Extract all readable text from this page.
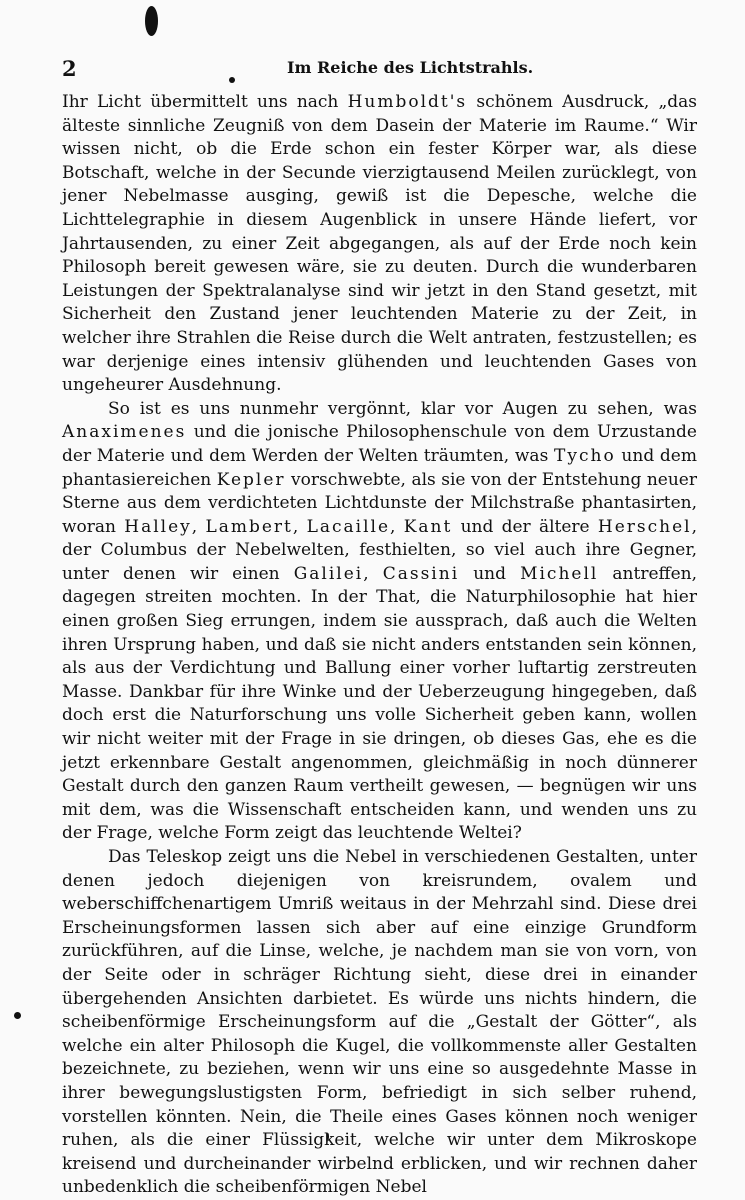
2	Im Reiche des Lichtstrahls.

Ihr Licht übermittelt uns nach Humboldt's schönem Ausdruck, „das älteste sinnliche Zeugniß von dem Dasein der Materie im Raume.“ Wir wissen nicht, ob die Erde schon ein fester Körper war, als diese Botschaft, welche in der Secunde vierzigtausend Meilen zurücklegt, von jener Nebelmasse ausging, gewiß ist die Depesche, welche die Lichttelegraphie in diesem Augenblick in unsere Hände liefert, vor Jahrtausenden, zu einer Zeit abgegangen, als auf der Erde noch kein Philosoph bereit gewesen wäre, sie zu deuten. Durch die wunderbaren Leistungen der Spektralanalyse sind wir jetzt in den Stand gesetzt, mit Sicherheit den Zustand jener leuchtenden Materie zu der Zeit, in welcher ihre Strahlen die Reise durch die Welt antraten, festzustellen; es war derjenige eines intensiv glühenden und leuchtenden Gases von ungeheurer Ausdehnung.

So ist es uns nunmehr vergönnt, klar vor Augen zu sehen, was Anaximenes und die jonische Philosophenschule von dem Urzustande der Materie und dem Werden der Welten träumten, was Tycho und dem phantasiereichen Kepler vorschwebte, als sie von der Entstehung neuer Sterne aus dem verdichteten Lichtdunste der Milchstraße phantasirten, woran Halley, Lambert, Lacaille, Kant und der ältere Herschel, der Columbus der Nebelwelten, festhielten, so viel auch ihre Gegner, unter denen wir einen Galilei, Cassini und Michell antreffen, dagegen streiten mochten. In der That, die Naturphilosophie hat hier einen großen Sieg errungen, indem sie aussprach, daß auch die Welten ihren Ursprung haben, und daß sie nicht anders entstanden sein können, als aus der Verdichtung und Ballung einer vorher luftartig zerstreuten Masse. Dankbar für ihre Winke und der Ueberzeugung hingegeben, daß doch erst die Naturforschung uns volle Sicherheit geben kann, wollen wir nicht weiter mit der Frage in sie dringen, ob dieses Gas, ehe es die jetzt erkennbare Gestalt angenommen, gleichmäßig in noch dünnerer Gestalt durch den ganzen Raum vertheilt gewesen, — begnügen wir uns mit dem, was die Wissenschaft entscheiden kann, und wenden uns zu der Frage, welche Form zeigt das leuchtende Weltei?

Das Teleskop zeigt uns die Nebel in verschiedenen Gestalten, unter denen jedoch diejenigen von kreisrundem, ovalem und weberschiffchenartigem Umriß weitaus in der Mehrzahl sind. Diese drei Erscheinungsformen lassen sich aber auf eine einzige Grundform zurückführen, auf die Linse, welche, je nachdem man sie von vorn, von der Seite oder in schräger Richtung sieht, diese drei in einander übergehenden Ansichten darbietet. Es würde uns nichts hindern, die scheibenförmige Erscheinungsform auf die „Gestalt der Götter“, als welche ein alter Philosoph die Kugel, die vollkommenste aller Gestalten bezeichnete, zu beziehen, wenn wir uns eine so ausgedehnte Masse in ihrer bewegungslustigsten Form, befriedigt in sich selber ruhend, vorstellen könnten. Nein, die Theile eines Gases können noch weniger ruhen, als die einer Flüssigkeit, welche wir unter dem Mikroskope kreisend und durcheinander wirbelnd erblicken, und wir rechnen daher unbedenklich die scheibenförmigen Nebel
